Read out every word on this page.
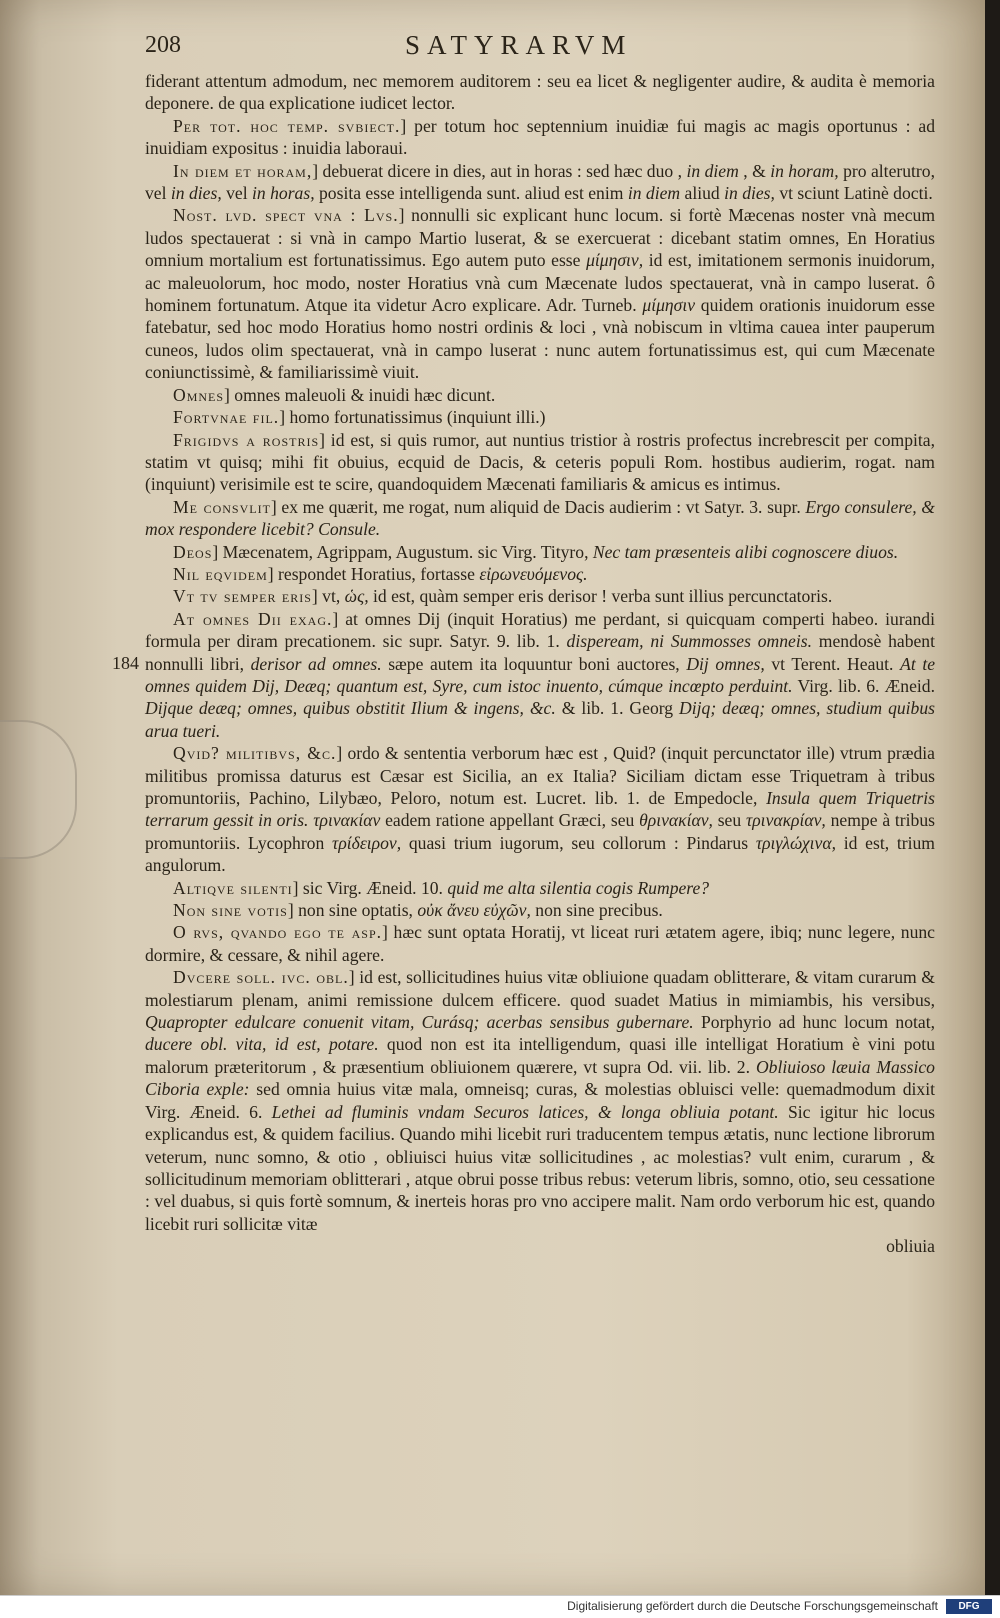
208	SATYRARVM
184

fiderant attentum admodum, nec memorem auditorem : seu ea licet & negligenter audire, & audita è memoria deponere. de qua explicatione iudicet lector.

Per tot. hoc temp. svbiect.] per totum hoc septennium inuidiæ fui magis ac magis oportunus : ad inuidiam expositus : inuidia laboraui.

In diem et horam,] debuerat dicere in dies, aut in horas : sed hæc duo , in diem , & in horam, pro alterutro, vel in dies, vel in horas, posita esse intelligenda sunt. aliud est enim in diem aliud in dies, vt sciunt Latinè docti.

Nost. lvd. spect vna : Lvs.] nonnulli sic explicant hunc locum. si fortè Mæcenas noster vnà mecum ludos spectauerat : si vnà in campo Martio luserat, & se exercuerat : dicebant statim omnes, En Horatius omnium mortalium est fortunatissimus. Ego autem puto esse μίμησιν, id est, imitationem sermonis inuidorum, ac maleuolorum, hoc modo, noster Horatius vnà cum Mæcenate ludos spectauerat, vnà in campo luserat. ô hominem fortunatum. Atque ita videtur Acro explicare. Adr. Turneb. μίμησιν quidem orationis inuidorum esse fatebatur, sed hoc modo Horatius homo nostri ordinis & loci , vnà nobiscum in vltima cauea inter pauperum cuneos, ludos olim spectauerat, vnà in campo luserat : nunc autem fortunatissimus est, qui cum Mæcenate coniunctissimè, & familiarissimè viuit.

Omnes] omnes maleuoli & inuidi hæc dicunt.

Fortvnae fil.] homo fortunatissimus (inquiunt illi.)

Frigidvs a rostris] id est, si quis rumor, aut nuntius tristior à rostris profectus increbrescit per compita, statim vt quisq; mihi fit obuius, ecquid de Dacis, & ceteris populi Rom. hostibus audierim, rogat. nam (inquiunt) verisimile est te scire, quandoquidem Mæcenati familiaris & amicus es intimus.

Me consvlit] ex me quærit, me rogat, num aliquid de Dacis audierim : vt Satyr. 3. supr. Ergo consulere, & mox respondere licebit? Consule.

Deos] Mæcenatem, Agrippam, Augustum. sic Virg. Tityro, Nec tam præsenteis alibi cognoscere diuos.

Nil eqvidem] respondet Horatius, fortasse εἰρωνευόμενος.

Vt tv semper eris] vt, ὡς, id est, quàm semper eris derisor ! verba sunt illius percunctatoris.

At omnes Dii exag.] at omnes Dij (inquit Horatius) me perdant, si quicquam comperti habeo. iurandi formula per diram precationem. sic supr. Satyr. 9. lib. 1. dispeream, ni Summosses omneis. mendosè habent nonnulli libri, derisor ad omnes. sæpe autem ita loquuntur boni auctores, Dij omnes, vt Terent. Heaut. At te omnes quidem Dij, Deæq; quantum est, Syre, cum istoc inuento, cúmque incœpto perduint. Virg. lib. 6. Æneid. Dijque deæq; omnes, quibus obstitit Ilium & ingens, &c. & lib. 1. Georg Dijq; deæq; omnes, studium quibus arua tueri.

Qvid? militibvs, &c.] ordo & sententia verborum hæc est , Quid? (inquit percunctator ille) vtrum prædia militibus promissa daturus est Cæsar est Sicilia, an ex Italia? Siciliam dictam esse Triquetram à tribus promuntoriis, Pachino, Lilybæo, Peloro, notum est. Lucret. lib. 1. de Empedocle, Insula quem Triquetris terrarum gessit in oris. τρινακίαν eadem ratione appellant Græci, seu θρινακίαν, seu τρινακρίαν, nempe à tribus promuntoriis. Lycophron τρίδειρον, quasi trium iugorum, seu collorum : Pindarus τριγλώχινα, id est, trium angulorum.

Altiqve silenti] sic Virg. Æneid. 10. quid me alta silentia cogis Rumpere?

Non sine votis] non sine optatis, οὐκ ἄνευ εὐχῶν, non sine precibus.

O rvs, qvando ego te asp.] hæc sunt optata Horatij, vt liceat ruri ætatem agere, ibiq; nunc legere, nunc dormire, & cessare, & nihil agere.

Dvcere soll. ivc. obl.] id est, sollicitudines huius vitæ obliuione quadam oblitterare, & vitam curarum & molestiarum plenam, animi remissione dulcem efficere. quod suadet Matius in mimiambis, his versibus, Quapropter edulcare conuenit vitam, Curásq; acerbas sensibus gubernare. Porphyrio ad hunc locum notat, ducere obl. vita, id est, potare. quod non est ita intelligendum, quasi ille intelligat Horatium è vini potu malorum præteritorum , & præsentium obliuionem quærere, vt supra Od. vii. lib. 2. Obliuioso læuia Massico Ciboria exple: sed omnia huius vitæ mala, omneisq; curas, & molestias obluisci velle: quemadmodum dixit Virg. Æneid. 6. Lethei ad fluminis vndam Securos latices, & longa obliuia potant. Sic igitur hic locus explicandus est, & quidem facilius. Quando mihi licebit ruri traducentem tempus ætatis, nunc lectione librorum veterum, nunc somno, & otio , obliuisci huius vitæ sollicitudines , ac molestias? vult enim, curarum , & sollicitudinum memoriam oblitterari , atque obrui posse tribus rebus: veterum libris, somno, otio, seu cessatione : vel duabus, si quis fortè somnum, & inerteis horas pro vno accipere malit. Nam ordo verborum hic est, quando licebit ruri sollicitæ vitæ

obliuia

Digitalisierung gefördert durch die Deutsche Forschungsgemeinschaft	DFG
